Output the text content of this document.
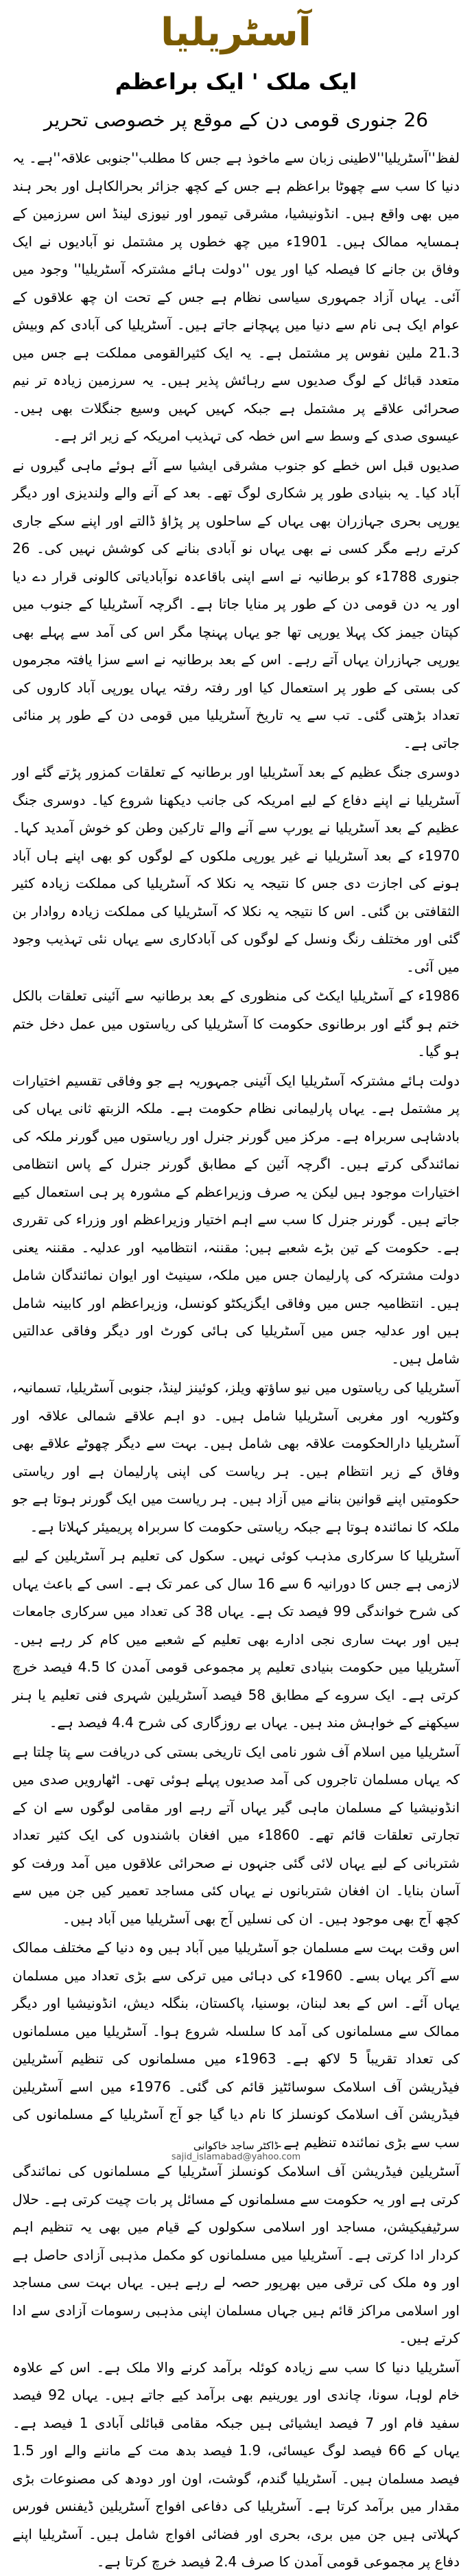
آسٹریلیا
ایک ملک ' ایک براعظم
26 جنوری قومی دن کے موقع پر خصوصی تحریر

لفظ''آسٹریلیا''لاطینی زبان سے ماخوذ ہے جس کا مطلب''جنوبی علاقہ''ہے۔ یہ دنیا کا سب سے چھوٹا براعظم ہے جس کے کچھ جزائر بحرالکاہل اور بحر ہند میں بھی واقع ہیں۔ انڈونیشیا، مشرقی تیمور اور نیوزی لینڈ اس سرزمین کے ہمسایہ ممالک ہیں۔ 1901ء میں چھ خطوں پر مشتمل نو آبادیوں نے ایک وفاق بن جانے کا فیصلہ کیا اور یوں ''دولت ہائے مشترکہ آسٹریلیا'' وجود میں آئی۔ یہاں آزاد جمہوری سیاسی نظام ہے جس کے تحت ان چھ علاقوں کے عوام ایک ہی نام سے دنیا میں پہچانے جاتے ہیں۔ آسٹریلیا کی آبادی کم وبیش 21.3 ملین نفوس پر مشتمل ہے۔ یہ ایک کثیرالقومی مملکت ہے جس میں متعدد قبائل کے لوگ صدیوں سے رہائش پذیر ہیں۔ یہ سرزمین زیادہ تر نیم صحرائی علاقے پر مشتمل ہے جبکہ کہیں کہیں وسیع جنگلات بھی ہیں۔ عیسوی صدی کے وسط سے اس خطہ کی تہذیب امریکہ کے زیر اثر ہے۔

صدیوں قبل اس خطے کو جنوب مشرقی ایشیا سے آئے ہوئے ماہی گیروں نے آباد کیا۔ یہ بنیادی طور پر شکاری لوگ تھے۔ بعد کے آنے والے ولندیزی اور دیگر یورپی بحری جہازران بھی یہاں کے ساحلوں پر پڑاؤ ڈالتے اور اپنے سکے جاری کرتے رہے مگر کسی نے بھی یہاں نو آبادی بنانے کی کوشش نہیں کی۔ 26 جنوری 1788ء کو برطانیہ نے اسے اپنی باقاعدہ نوآبادیاتی کالونی قرار دے دیا اور یہ دن قومی دن کے طور پر منایا جاتا ہے۔ اگرچہ آسٹریلیا کے جنوب میں کپتان جیمز کک پہلا یورپی تھا جو یہاں پہنچا مگر اس کی آمد سے پہلے بھی یورپی جہازران یہاں آتے رہے۔ اس کے بعد برطانیہ نے اسے سزا یافتہ مجرموں کی بستی کے طور پر استعمال کیا اور رفتہ رفتہ یہاں یورپی آباد کاروں کی تعداد بڑھتی گئی۔ تب سے یہ تاریخ آسٹریلیا میں قومی دن کے طور پر منائی جاتی ہے۔

دوسری جنگ عظیم کے بعد آسٹریلیا اور برطانیہ کے تعلقات کمزور پڑتے گئے اور آسٹریلیا نے اپنے دفاع کے لیے امریکہ کی جانب دیکھنا شروع کیا۔ دوسری جنگ عظیم کے بعد آسٹریلیا نے یورپ سے آنے والے تارکین وطن کو خوش آمدید کہا۔ 1970ء کے بعد آسٹریلیا نے غیر یورپی ملکوں کے لوگوں کو بھی اپنے ہاں آباد ہونے کی اجازت دی جس کا نتیجہ یہ نکلا کہ آسٹریلیا کی مملکت زیادہ کثیر الثقافتی بن گئی۔ اس کا نتیجہ یہ نکلا کہ آسٹریلیا کی مملکت زیادہ روادار بن گئی اور مختلف رنگ ونسل کے لوگوں کی آبادکاری سے یہاں نئی تہذیب وجود میں آئی۔

1986ء کے آسٹریلیا ایکٹ کی منظوری کے بعد برطانیہ سے آئینی تعلقات بالکل ختم ہو گئے اور برطانوی حکومت کا آسٹریلیا کی ریاستوں میں عمل دخل ختم ہو گیا۔

دولت ہائے مشترکہ آسٹریلیا ایک آئینی جمہوریہ ہے جو وفاقی تقسیم اختیارات پر مشتمل ہے۔ یہاں پارلیمانی نظام حکومت ہے۔ ملکہ الزبتھ ثانی یہاں کی بادشاہی سربراہ ہے۔ مرکز میں گورنر جنرل اور ریاستوں میں گورنر ملکہ کی نمائندگی کرتے ہیں۔ اگرچہ آئین کے مطابق گورنر جنرل کے پاس انتظامی اختیارات موجود ہیں لیکن یہ صرف وزیراعظم کے مشورہ پر ہی استعمال کیے جاتے ہیں۔ گورنر جنرل کا سب سے اہم اختیار وزیراعظم اور وزراء کی تقرری ہے۔ حکومت کے تین بڑے شعبے ہیں: مقننہ، انتظامیہ اور عدلیہ۔ مقننہ یعنی دولت مشترکہ کی پارلیمان جس میں ملکہ، سینیٹ اور ایوان نمائندگان شامل ہیں۔ انتظامیہ جس میں وفاقی ایگزیکٹو کونسل، وزیراعظم اور کابینہ شامل ہیں اور عدلیہ جس میں آسٹریلیا کی ہائی کورٹ اور دیگر وفاقی عدالتیں شامل ہیں۔

آسٹریلیا کی ریاستوں میں نیو ساؤتھ ویلز، کوئینز لینڈ، جنوبی آسٹریلیا، تسمانیہ، وکٹوریہ اور مغربی آسٹریلیا شامل ہیں۔ دو اہم علاقے شمالی علاقہ اور آسٹریلیا دارالحکومت علاقہ بھی شامل ہیں۔ بہت سے دیگر چھوٹے علاقے بھی وفاق کے زیر انتظام ہیں۔ ہر ریاست کی اپنی پارلیمان ہے اور ریاستی حکومتیں اپنے قوانین بنانے میں آزاد ہیں۔ ہر ریاست میں ایک گورنر ہوتا ہے جو ملکہ کا نمائندہ ہوتا ہے جبکہ ریاستی حکومت کا سربراہ پریمیئر کہلاتا ہے۔

آسٹریلیا کا سرکاری مذہب کوئی نہیں۔ سکول کی تعلیم ہر آسٹریلین کے لیے لازمی ہے جس کا دورانیہ 6 سے 16 سال کی عمر تک ہے۔ اسی کے باعث یہاں کی شرح خواندگی 99 فیصد تک ہے۔ یہاں 38 کی تعداد میں سرکاری جامعات ہیں اور بہت ساری نجی ادارے بھی تعلیم کے شعبے میں کام کر رہے ہیں۔ آسٹریلیا میں حکومت بنیادی تعلیم پر مجموعی قومی آمدن کا 4.5 فیصد خرچ کرتی ہے۔ ایک سروے کے مطابق 58 فیصد آسٹریلین شہری فنی تعلیم یا ہنر سیکھنے کے خواہش مند ہیں۔ یہاں بے روزگاری کی شرح 4.4 فیصد ہے۔

آسٹریلیا میں اسلام آف شور نامی ایک تاریخی بستی کی دریافت سے پتا چلتا ہے کہ یہاں مسلمان تاجروں کی آمد صدیوں پہلے ہوئی تھی۔ اٹھارویں صدی میں انڈونیشیا کے مسلمان ماہی گیر یہاں آتے رہے اور مقامی لوگوں سے ان کے تجارتی تعلقات قائم تھے۔ 1860ء میں افغان باشندوں کی ایک کثیر تعداد شتربانی کے لیے یہاں لائی گئی جنہوں نے صحرائی علاقوں میں آمد ورفت کو آسان بنایا۔ ان افغان شتربانوں نے یہاں کئی مساجد تعمیر کیں جن میں سے کچھ آج بھی موجود ہیں۔ ان کی نسلیں آج بھی آسٹریلیا میں آباد ہیں۔

اس وقت بہت سے مسلمان جو آسٹریلیا میں آباد ہیں وہ دنیا کے مختلف ممالک سے آکر یہاں بسے۔ 1960ء کی دہائی میں ترکی سے بڑی تعداد میں مسلمان یہاں آئے۔ اس کے بعد لبنان، بوسنیا، پاکستان، بنگلہ دیش، انڈونیشیا اور دیگر ممالک سے مسلمانوں کی آمد کا سلسلہ شروع ہوا۔ آسٹریلیا میں مسلمانوں کی تعداد تقریباً 5 لاکھ ہے۔ 1963ء میں مسلمانوں کی تنظیم آسٹریلین فیڈریشن آف اسلامک سوسائٹیز قائم کی گئی۔ 1976ء میں اسے آسٹریلین فیڈریشن آف اسلامک کونسلز کا نام دیا گیا جو آج آسٹریلیا کے مسلمانوں کی سب سے بڑی نمائندہ تنظیم ہے۔

آسٹریلین فیڈریشن آف اسلامک کونسلز آسٹریلیا کے مسلمانوں کی نمائندگی کرتی ہے اور یہ حکومت سے مسلمانوں کے مسائل پر بات چیت کرتی ہے۔ حلال سرٹیفیکیشن، مساجد اور اسلامی سکولوں کے قیام میں بھی یہ تنظیم اہم کردار ادا کرتی ہے۔ آسٹریلیا میں مسلمانوں کو مکمل مذہبی آزادی حاصل ہے اور وہ ملک کی ترقی میں بھرپور حصہ لے رہے ہیں۔ یہاں بہت سی مساجد اور اسلامی مراکز قائم ہیں جہاں مسلمان اپنی مذہبی رسومات آزادی سے ادا کرتے ہیں۔

آسٹریلیا دنیا کا سب سے زیادہ کوئلہ برآمد کرنے والا ملک ہے۔ اس کے علاوہ خام لوہا، سونا، چاندی اور یورینیم بھی برآمد کیے جاتے ہیں۔ یہاں 92 فیصد سفید فام اور 7 فیصد ایشیائی ہیں جبکہ مقامی قبائلی آبادی 1 فیصد ہے۔ یہاں کے 66 فیصد لوگ عیسائی، 1.9 فیصد بدھ مت کے ماننے والے اور 1.5 فیصد مسلمان ہیں۔ آسٹریلیا گندم، گوشت، اون اور دودھ کی مصنوعات بڑی مقدار میں برآمد کرتا ہے۔ آسٹریلیا کی دفاعی افواج آسٹریلین ڈیفنس فورس کہلاتی ہیں جن میں بری، بحری اور فضائی افواج شامل ہیں۔ آسٹریلیا اپنے دفاع پر مجموعی قومی آمدن کا صرف 2.4 فیصد خرچ کرتا ہے۔

ڈاکٹر ساجد خاکوانی
sajid_islamabad@yahoo.com
